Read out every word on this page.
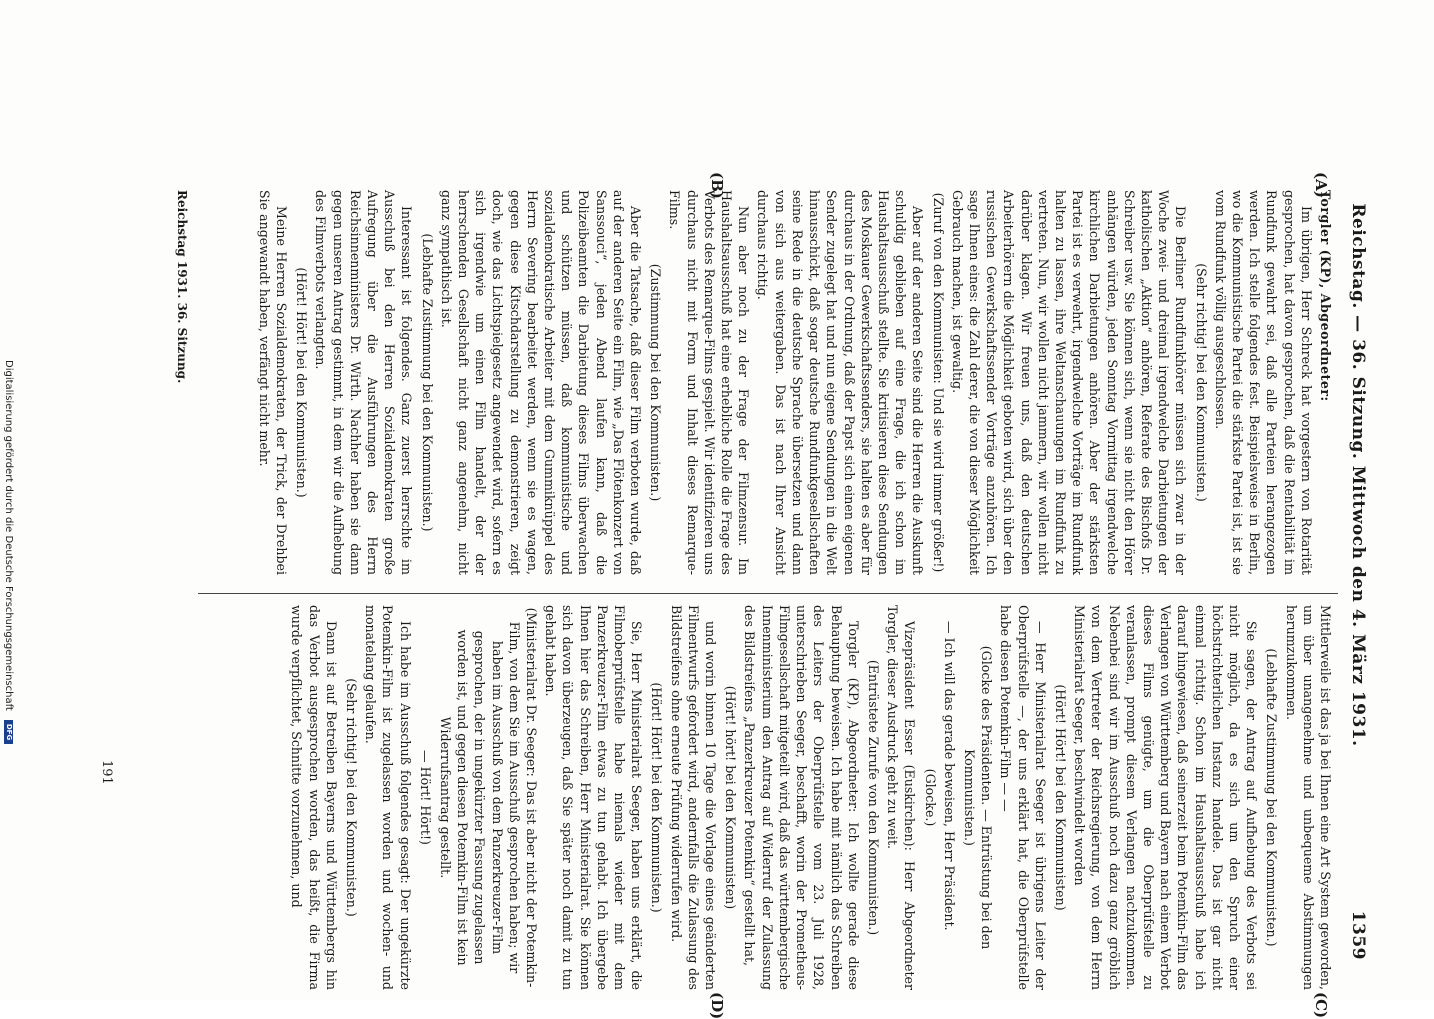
Reichstag. — 36. Sitzung. Mittwoch den 4. März 1931.
1359
(A)
(B)
(C)
(D)

Torgler (KP), Abgeordneter:

Im übrigen, Herr Schreck hat vorgestern von Rotarität gesprochen, hat davon gesprochen, daß die Rentabilität im Rundfunk gewahrt sei, daß alle Parteien herangezogen werden. Ich stelle folgendes fest. Beispielsweise in Berlin, wo die Kommunistische Partei die stärkste Partei ist, ist sie vom Rundfunk völlig ausgeschlossen.

(Sehr richtig! bei den Kommunisten.)

Die Berliner Rundfunkhörer müssen sich zwar in der Woche zwei- und dreimal irgendwelche Darbietungen der katholischen „Aktion“ anhören, Referate des Bischofs Dr. Schreiber usw. Sie können sich, wenn sie nicht den Hörer anhängen würden, jeden Sonntag Vormittag irgendwelche kirchlichen Darbietungen anhören. Aber der stärksten Partei ist es verwehrt, irgendwelche Vorträge im Rundfunk halten zu lassen, ihre Weltanschauungen im Rundfunk zu vertreten. Nun, wir wollen nicht jammern, wir wollen nicht darüber klagen. Wir freuen uns, daß den deutschen Arbeiterhörern die Möglichkeit geboten wird, sich über den russischen Gewerkschaftssender Vorträge anzuhören. Ich sage Ihnen eines: die Zahl derer, die von dieser Möglichkeit Gebrauch machen, ist gewaltig.

(Zuruf von den Kommunisten: Und sie wird immer größer!)

Aber auf der anderen Seite sind die Herren die Auskunft schuldig geblieben auf eine Frage, die ich schon im Haushaltsausschuß stellte. Sie kritisieren diese Sendungen des Moskauer Gewerkschaftssenders, sie halten es aber für durchaus in der Ordnung, daß der Papst sich einen eigenen Sender zugelegt hat und nun eigene Sendungen in die Welt hinausschickt, daß sogar deutsche Rundfunkgesellschaften seine Rede in die deutsche Sprache übersetzen und dann von sich aus weitergaben. Das ist nach Ihrer Ansicht durchaus richtig.

Nun aber noch zu der Frage der Filmzensur. Im Haushaltsausschuß hat eine erhebliche Rolle die Frage des Verbots des Remarque-Films gespielt. Wir identifizieren uns durchaus nicht mit Form und Inhalt dieses Remarque-Films.

(Zustimmung bei den Kommunisten.)

Aber die Tatsache, daß dieser Film verboten wurde, daß auf der anderen Seite ein Film, wie „Das Flötenkonzert von Sanssouci“, jeden Abend laufen kann, daß die Polizeibeamten die Darbietung dieses Films überwachen und schützen müssen, daß kommunistische und sozialdemokratische Arbeiter mit dem Gummiknüppel des Herrn Severing bearbeitet werden, wenn sie es wagen, gegen diese Kitschdarstellung zu demonstrieren, zeigt doch, wie das Lichtspielgesetz angewendet wird, sofern es sich irgendwie um einen Film handelt, der der herrschenden Gesellschaft nicht ganz angenehm, nicht ganz sympathisch ist.

(Lebhafte Zustimmung bei den Kommunisten.)

Interessant ist folgendes. Ganz zuerst herrschte im Ausschuß bei den Herren Sozialdemokraten große Aufregung über die Ausführungen des Herrn Reichsinnenministers Dr. Wirth. Nachher haben sie dann gegen unseren Antrag gestimmt, in dem wir die Aufhebung des Filmverbots verlangten.

(Hört! Hört! bei den Kommunisten.)

Meine Herren Sozialdemokraten, der Trick, der Drehbei Sie angewandt haben, verfängt nicht mehr.

Mittlerweile ist das ja bei Ihnen eine Art System geworden, um über unangenehme und unbequeme Abstimmungen herumzukommen.

(Lebhafte Zustimmung bei den Kommunisten.)

Sie sagen, der Antrag auf Aufhebung des Verbots sei nicht möglich, da es sich um den Spruch einer höchstrichterlichen Instanz handele. Das ist gar nicht einmal richtig. Schon im Haushaltsausschuß habe ich darauf hingewiesen, daß seinerzeit beim Potemkin-Film das Verlangen von Württemberg und Bayern nach einem Verbot dieses Films genügte, um die Oberprüfstelle zu veranlassen, prompt diesem Verlangen nachzukommen. Nebenbei sind wir im Ausschuß noch dazu ganz gröblich von dem Vertreter der Reichsregierung, von dem Herrn Ministerialrat Seeger, beschwindelt worden

(Hört! Hört! bei den Kommunisten)

— Herr Ministerialrat Seeger ist übrigens Leiter der Oberprüfstelle —, der uns erklärt hat, die Oberprüfstelle habe diesen Potemkin-Film — —

(Glocke des Präsidenten. — Entrüstung bei den Kommunisten.)

— Ich will das gerade beweisen, Herr Präsident.

(Glocke.)

Vizepräsident Esser (Euskirchen): Herr Abgeordneter Torgler, dieser Ausdruck geht zu weit.

(Entrüstete Zurufe von den Kommunisten.)

Torgler (KP), Abgeordneter: Ich wollte gerade diese Behauptung beweisen. Ich habe mit nämlich das Schreiben des Leiters der Oberprüfstelle vom 23. Juli 1928, unterschrieben Seeger, beschafft, worin der Prometheus-Filmgesellschaft mitgeteilt wird, daß das württembergische Innenministerium den Antrag auf Widerruf der Zulassung des Bildstreifens „Panzerkreuzer Potemkin“ gestellt hat,

(Hört! hört! bei den Kommunisten)

und worin binnen 10 Tage die Vorlage eines geänderten Filmentwurfs gefordert wird, andernfalls die Zulassung des Bildstreifens ohne erneute Prüfung widerrufen wird.

(Hört! Hört! bei den Kommunisten.)

Sie, Herr Ministerialrat Seeger, haben uns erklärt, die Filmoberprüfstelle habe niemals wieder mit dem Panzerkreuzer-Film etwas zu tun gehabt. Ich übergebe Ihnen hier das Schreiben, Herr Ministerialrat. Sie können sich davon überzeugen, daß Sie später noch damit zu tun gehabt haben.

(Ministerialrat Dr. Seeger: Das ist aber nicht der Potemkin-Film, von dem Sie im Ausschuß gesprochen haben; wir haben im Ausschuß von dem Panzerkreuzer-Film gesprochen, der in ungekürzter Fassung zugelassen worden ist, und gegen diesen Potemkin-Film ist kein Widerrufsantrag gestellt.

— Hört! Hört!)

Ich habe im Ausschuß folgendes gesagt: Der ungekürzte Potemkin-Film ist zugelassen worden und wochen- und monatelang gelaufen.

(Sehr richtig! bei den Kommunisten.)

Dann ist auf Betreiben Bayerns und Württembergs hin das Verbot ausgesprochen worden, das heißt, die Firma wurde verpflichtet, Schnitte vorzunehmen, und

Reichstag 1931. 36. Sitzung.
191
Digitalisierung gefördert durch die Deutsche Forschungsgemeinschaft DFG
